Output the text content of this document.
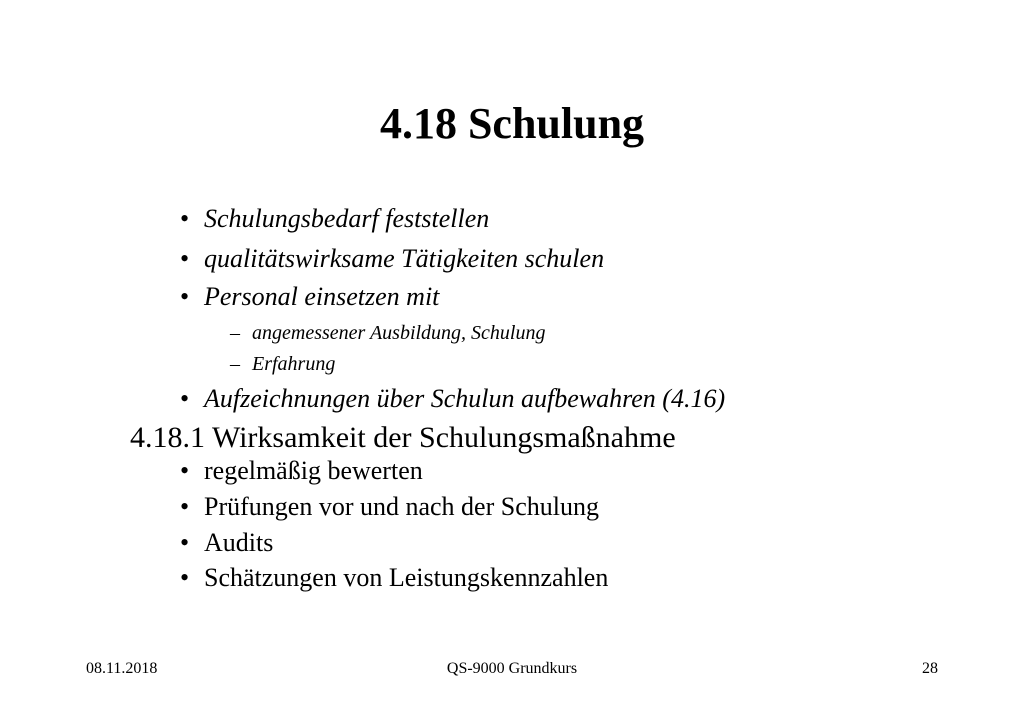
4.18 Schulung
• Schulungsbedarf feststellen
• qualitätswirksame Tätigkeiten schulen
• Personal einsetzen mit
– angemessener Ausbildung, Schulung
– Erfahrung
• Aufzeichnungen über Schulun aufbewahren (4.16)
4.18.1 Wirksamkeit der Schulungsmaßnahme
• regelmäßig bewerten
• Prüfungen vor und nach der Schulung
• Audits
• Schätzungen von Leistungskennzahlen
08.11.2018	QS-9000 Grundkurs	28
